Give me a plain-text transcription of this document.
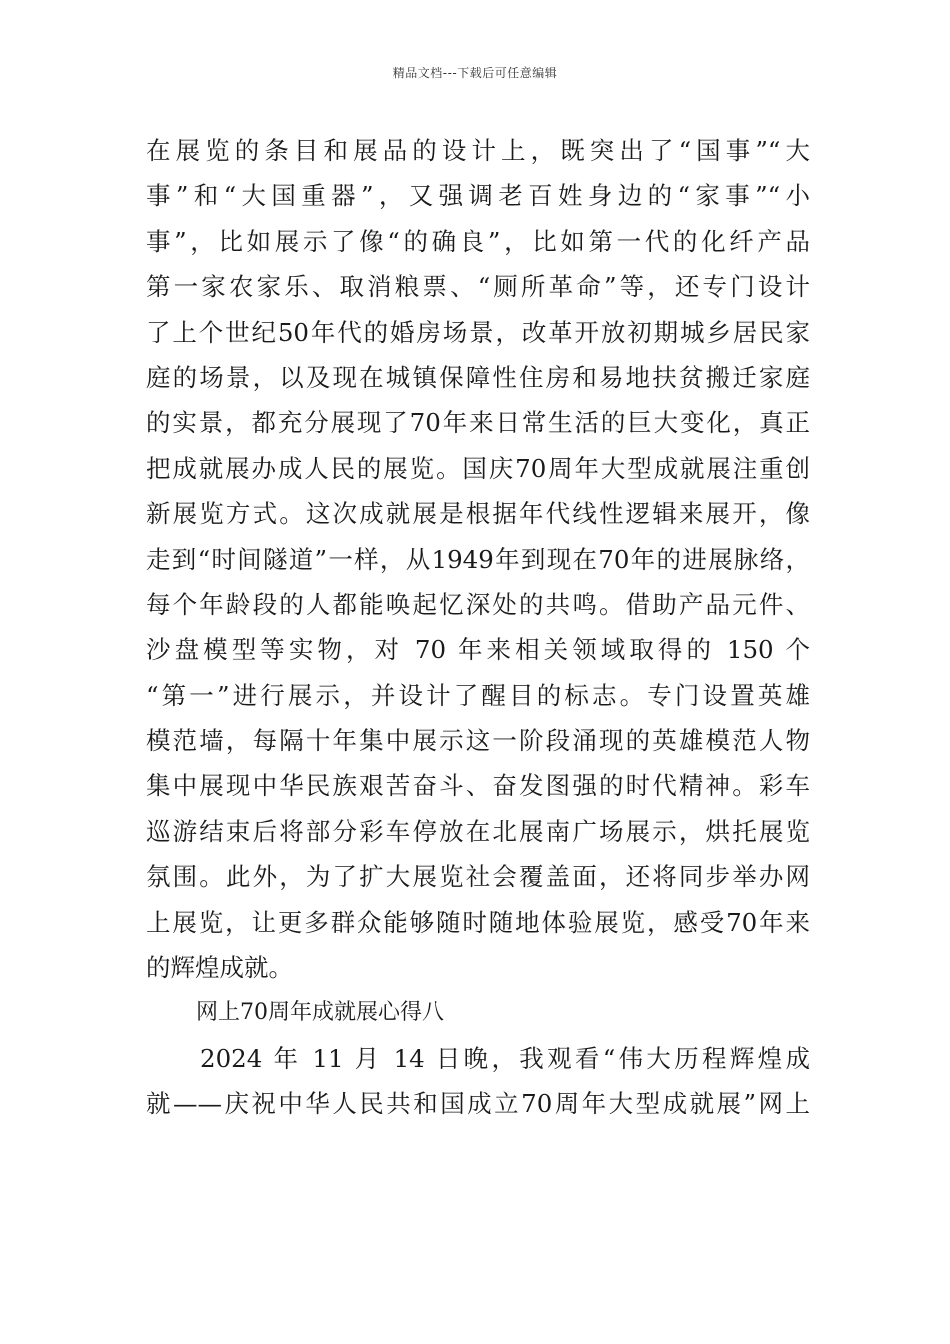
精品文档---下载后可任意编辑
在展览的条目和展品的设计上，既突出了“国事”“大
事”和“大国重器”，又强调老百姓身边的“家事”“小
事”，比如展示了像“的确良”，比如第一代的化纤产品
第一家农家乐、取消粮票、“厕所革命”等，还专门设计
了上个世纪50年代的婚房场景，改革开放初期城乡居民家
庭的场景，以及现在城镇保障性住房和易地扶贫搬迁家庭
的实景，都充分展现了70年来日常生活的巨大变化，真正
把成就展办成人民的展览。国庆70周年大型成就展注重创
新展览方式。这次成就展是根据年代线性逻辑来展开，像
走到“时间隧道”一样，从1949年到现在70年的进展脉络，
每个年龄段的人都能唤起忆深处的共鸣。借助产品元件、
沙盘模型等实物，对 70 年来相关领域取得的 150 个
“第一”进行展示，并设计了醒目的标志。专门设置英雄
模范墙，每隔十年集中展示这一阶段涌现的英雄模范人物
集中展现中华民族艰苦奋斗、奋发图强的时代精神。彩车
巡游结束后将部分彩车停放在北展南广场展示，烘托展览
氛围。此外，为了扩大展览社会覆盖面，还将同步举办网
上展览，让更多群众能够随时随地体验展览，感受70年来
的辉煌成就。
网上70周年成就展心得八
2024 年 11 月 14 日晚，我观看“伟大历程辉煌成
就——庆祝中华人民共和国成立70周年大型成就展”网上
